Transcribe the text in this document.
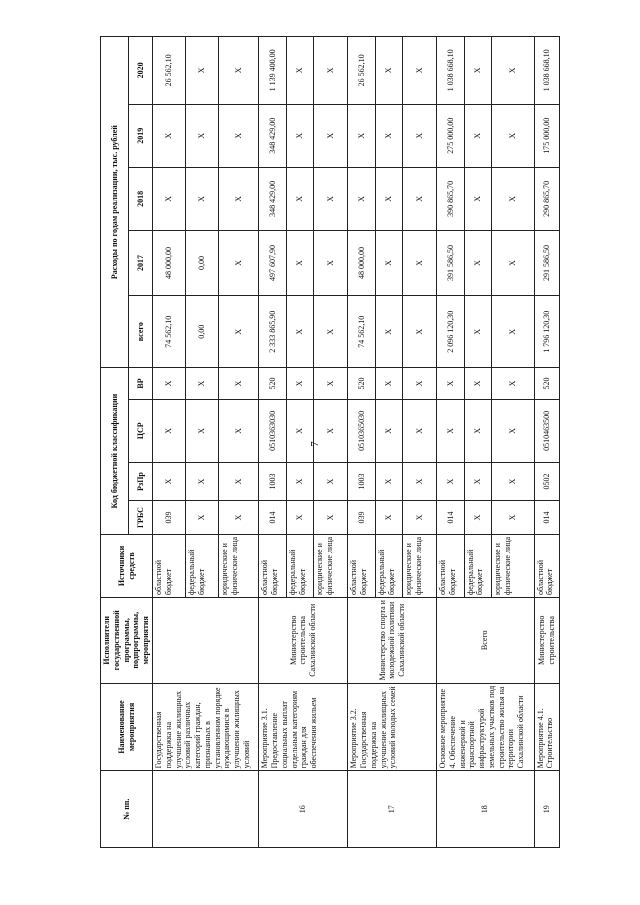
7
№ пп.	Наименование мероприятия	Исполнители государственной программы, подпрограммы, мероприятия	Источники средств	Код бюджетной классификации				Расходы по годам реализации, тыс. рублей				
				ГРБС	РзПр	ЦСР	ВР	всего	2017	2018	2019	2020
	Государственная поддержка на улучшение жилищных условий различных категорий граждан, признанных в установленном порядке нуждающимися в улучшении жилищных условий		областной бюджет	039	X	X	X	74 562,10	48 000,00	X	X	26 562,10
			федеральный бюджет	X	X	X	X	0,00	0,00	X	X	X
			юридические и физические лица	X	X	X	X	X	X	X	X	X
16	Мероприятие 3.1. Предоставление социальных выплат отдельным категориям граждан для обеспечения жильем	Министерство строительства Сахалинской области	областной бюджет	014	1003	0510363030	520	2 333 865,90	497 607,90	348 429,00	348 429,00	1 139 400,00
			федеральный бюджет	X	X	X	X	X	X	X	X	X
			юридические и физические лица	X	X	X	X	X	X	X	X	X
17	Мероприятие 3.2. Государственная поддержка на улучшение жилищных условий молодых семей	Министерство спорта и молодежной политики Сахалинской области	областной бюджет	039	1003	0510365030	520	74 562,10	48 000,00	X	X	26 562,10
			федеральный бюджет	X	X	X	X	X	X	X	X	X
			юридические и физические лица	X	X	X	X	X	X	X	X	X
18	Основное мероприятие 4. Обеспечение инженерной и транспортной инфраструктурой земельных участков под строительство жилья на территории Сахалинской области	Всего	областной бюджет	014	X	X	X	2 096 120,30	391 586,50	390 865,70	275 000,00	1 038 668,10
			федеральный бюджет	X	X	X	X	X	X	X	X	X
			юридические и физические лица	X	X	X	X	X	X	X	X	X
19	Мероприятие 4.1. Строительство	Министерство строительства	областной бюджет	014	0502	0510463500	520	1 796 120,30	291 586,50	290 865,70	175 000,00	1 038 668,10
